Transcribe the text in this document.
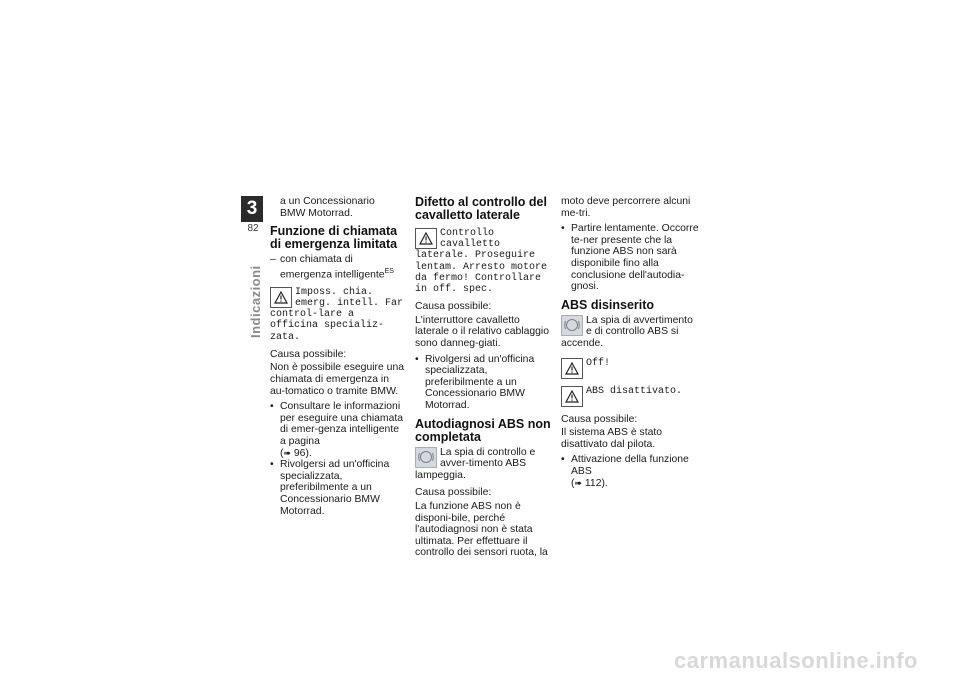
3
82
Indicazioni

a un Concessionario
BMW Motorrad.

Funzione di chiamata di emergenza limitata

– con chiamata di emergenza intelligente$^{ES}$

Imposs. chia. emerg. intell. Far control-lare a officina specializ-zata.

Causa possibile:

Non è possibile eseguire una chiamata di emergenza in au-tomatico o tramite BMW.

• Consultare le informazioni per eseguire una chiamata di emer-genza intelligente a pagina
(➠ 96).
• Rivolgersi ad un'officina specializzata, preferibilmente a un Concessionario BMW Motorrad.
Difetto al controllo del cavalletto laterale
Controllo cavalletto laterale. Proseguire lentam. Arresto motore da fermo! Controllare in off. spec.

Causa possibile:

L'interruttore cavalletto laterale o il relativo cablaggio sono danneg-giati.

• Rivolgersi ad un'officina specializzata, preferibilmente a un Concessionario BMW Motorrad.
Autodiagnosi ABS non completata
La spia di controllo e avver-timento ABS lampeggia.

Causa possibile:

La funzione ABS non è disponi-bile, perché l'autodiagnosi non è stata ultimata. Per effettuare il controllo dei sensori ruota, la

moto deve percorrere alcuni me-tri.

• Partire lentamente. Occorre te-ner presente che la funzione ABS non sarà disponibile fino alla conclusione dell'autodia-gnosi.
ABS disinserito
La spia di avvertimento e di controllo ABS si accende.
Off!
ABS disattivato.

Causa possibile:

Il sistema ABS è stato disattivato dal pilota.

• Attivazione della funzione ABS
(➠ 112).
carmanualsonline.info
